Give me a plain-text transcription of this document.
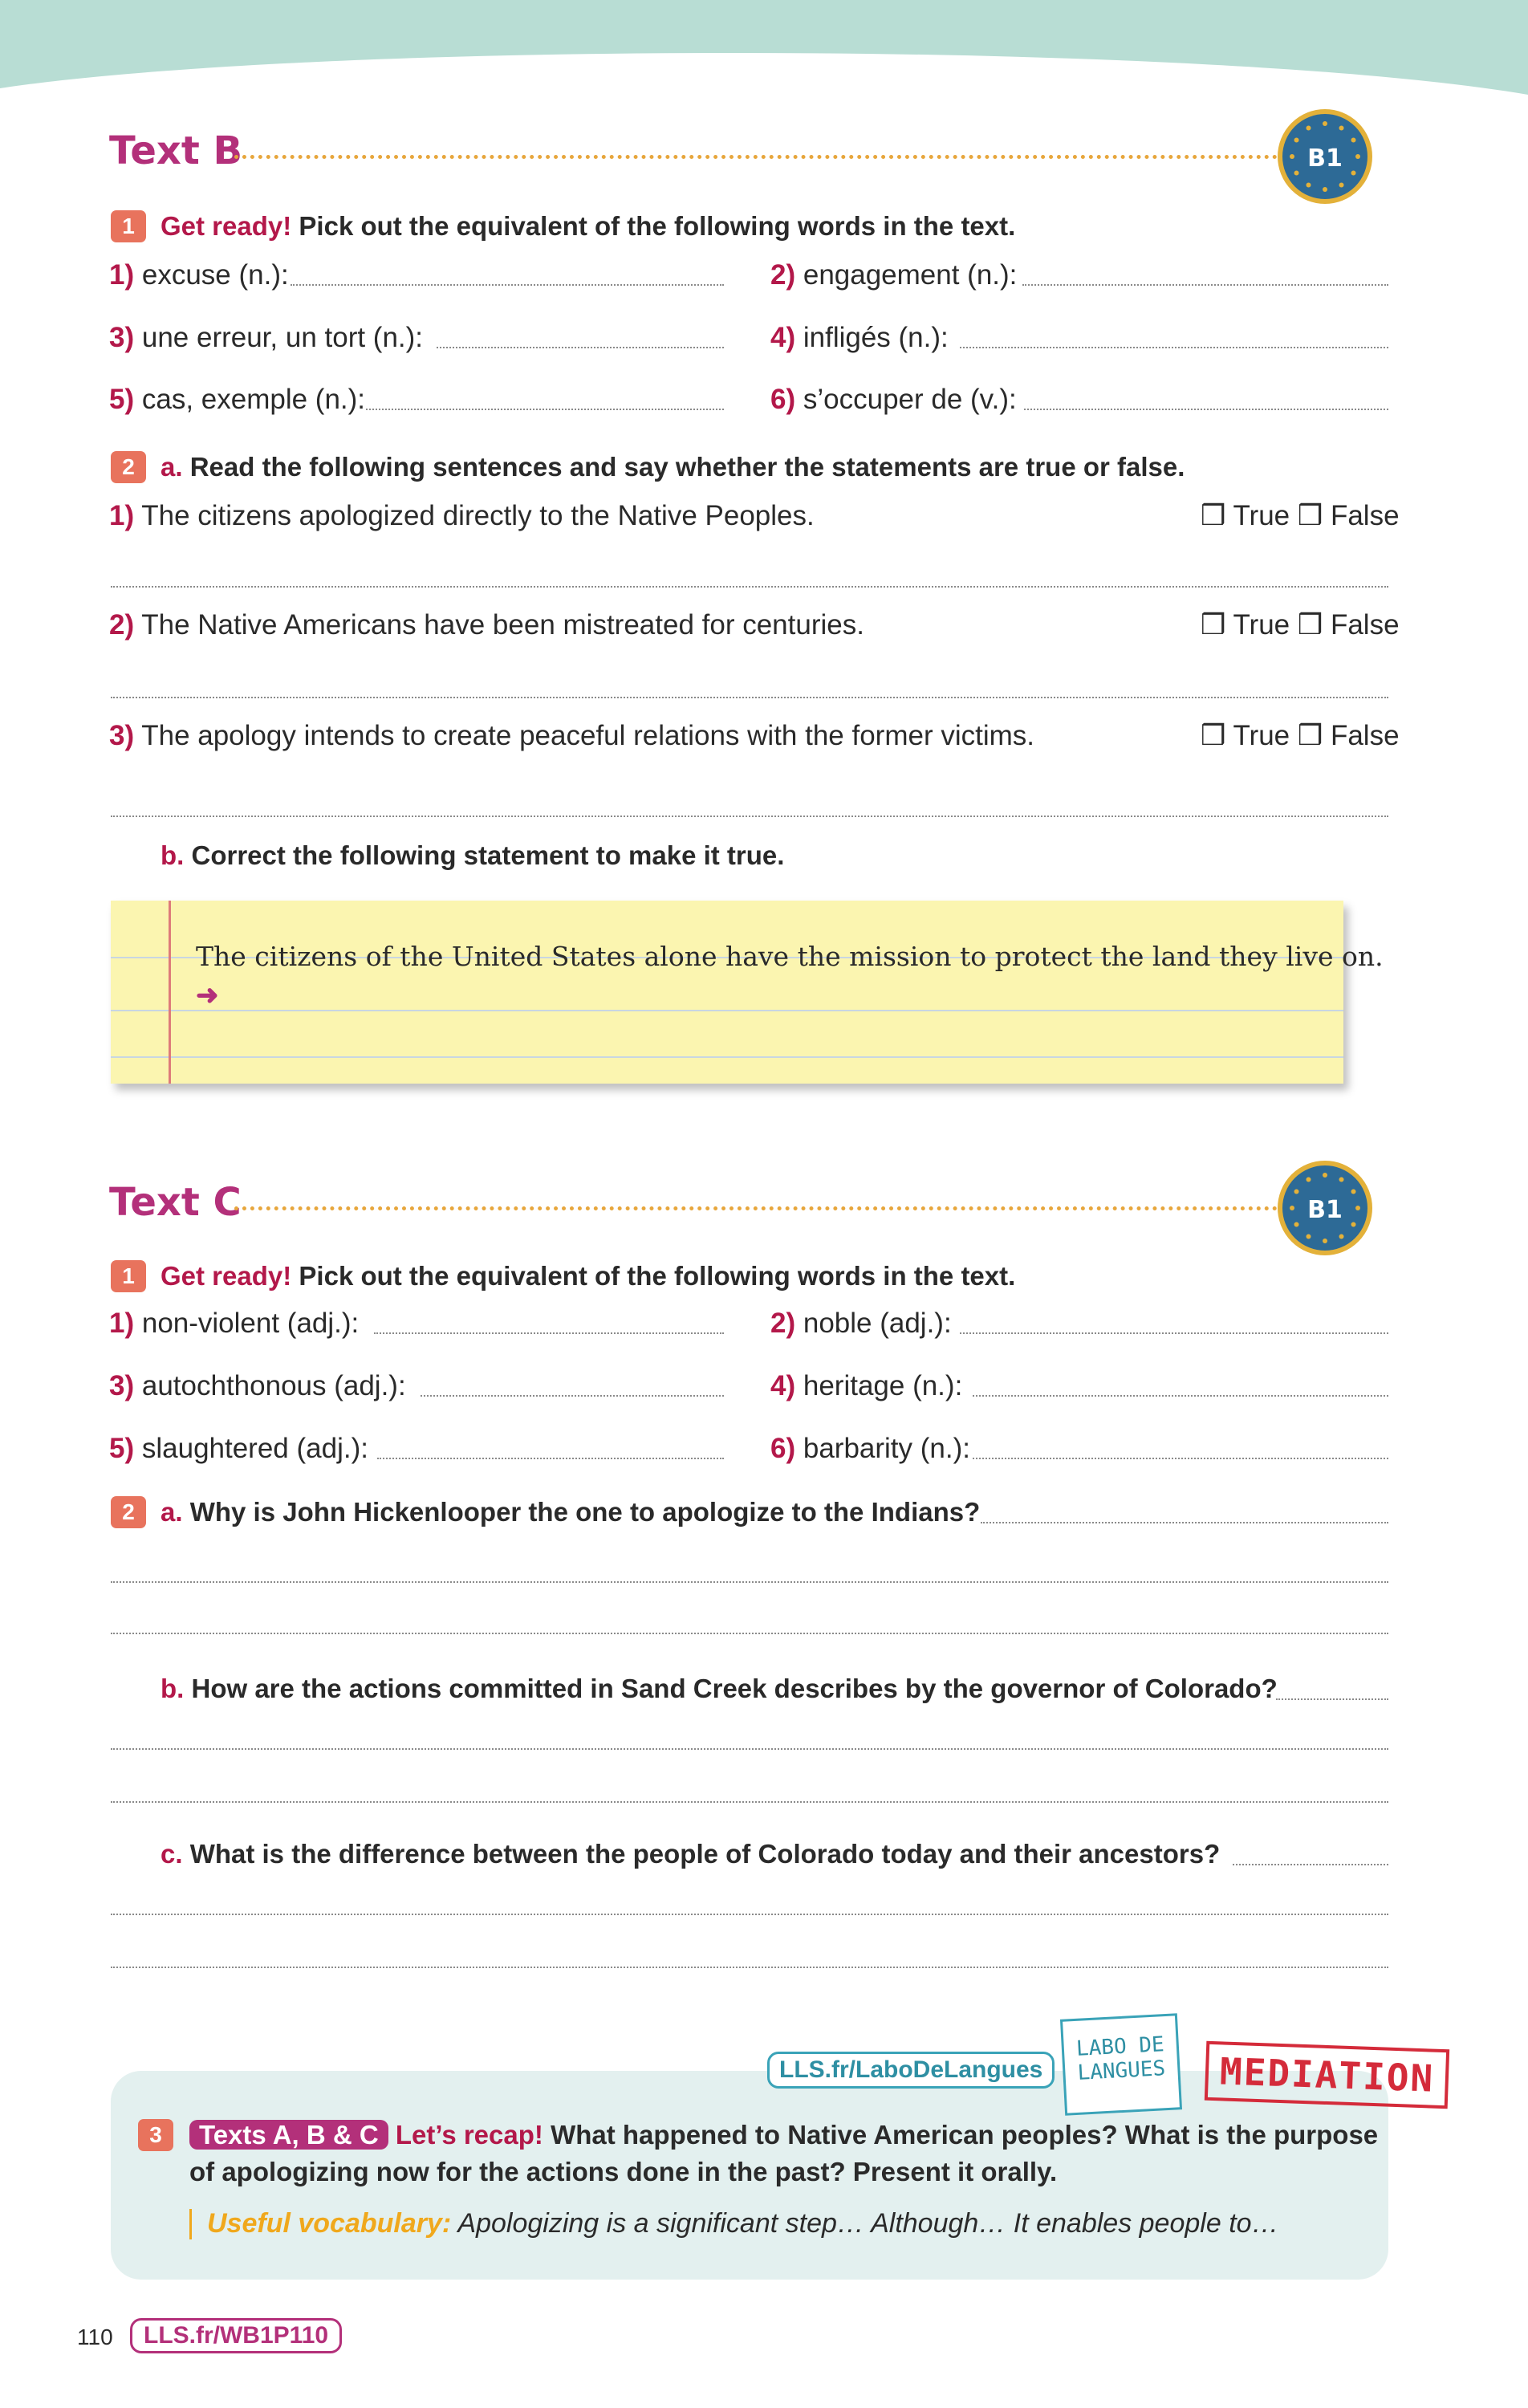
Text B	B1
1 Get ready! Pick out the equivalent of the following words in the text.
1) excuse (n.):	2) engagement (n.):
3) une erreur, un tort (n.):	4) infligés (n.):
5) cas, exemple (n.):	6) s’occuper de (v.):
2 a. Read the following sentences and say whether the statements are true or false.
1) The citizens apologized directly to the Native Peoples.	❒ True ❒ False
2) The Native Americans have been mistreated for centuries.	❒ True ❒ False
3) The apology intends to create peaceful relations with the former victims.	❒ True ❒ False
b. Correct the following statement to make it true.
The citizens of the United States alone have the mission to protect the land they live on.
➜
Text C	B1
1 Get ready! Pick out the equivalent of the following words in the text.
1) non-violent (adj.):	2) noble (adj.):
3) autochthonous (adj.):	4) heritage (n.):
5) slaughtered (adj.):	6) barbarity (n.):
2 a. Why is John Hickenlooper the one to apologize to the Indians?
b. How are the actions committed in Sand Creek describes by the governor of Colorado?
c. What is the difference between the people of Colorado today and their ancestors?
LLS.fr/LaboDeLangues
LABO DE
LANGUES	MEDIATION
3	Texts A, B & C Let’s recap! What happened to Native American peoples? What is the purpose
of apologizing now for the actions done in the past? Present it orally.
Useful vocabulary: Apologizing is a significant step… Although… It enables people to…
110	LLS.fr/WB1P110
